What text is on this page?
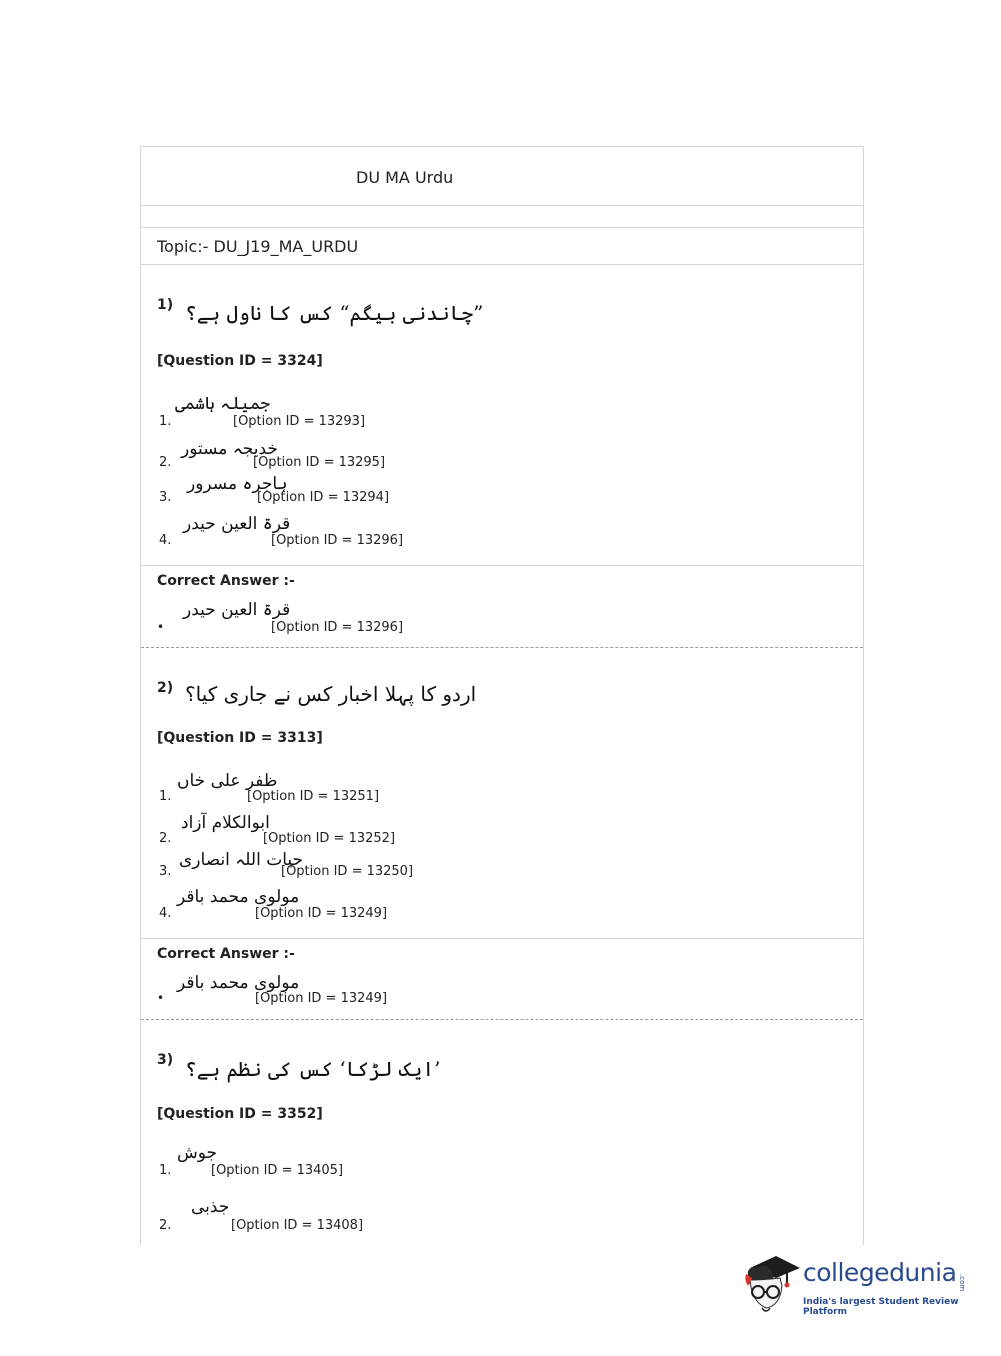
DU MA Urdu
Topic:- DU_J19_MA_URDU
1) ”چاندنی بیگم“ کس کا ناول ہے؟
[Question ID = 3324]
1.
جمیلہ ہاشمی
[Option ID = 13293]
2.
خدیجہ مستور
[Option ID = 13295]
3.
ہاجرہ مسرور
[Option ID = 13294]
4.
قرۃ العین حیدر
[Option ID = 13296]
Correct Answer :-
•
قرۃ العین حیدر
[Option ID = 13296]
2) اردو کا پہلا اخبار کس نے جاری کیا؟
[Question ID = 3313]
1.
ظفر علی خاں
[Option ID = 13251]
2.
ابوالکلام آزاد
[Option ID = 13252]
3.
حیات اللہ انصاری
[Option ID = 13250]
4.
مولوی محمد باقر
[Option ID = 13249]
Correct Answer :-
•
مولوی محمد باقر
[Option ID = 13249]
3) ’ایک لڑکا‘ کس کی نظم ہے؟
[Question ID = 3352]
1.
جوش
[Option ID = 13405]
2.
جذبی
[Option ID = 13408]
collegedunia .com
India's largest Student Review Platform
